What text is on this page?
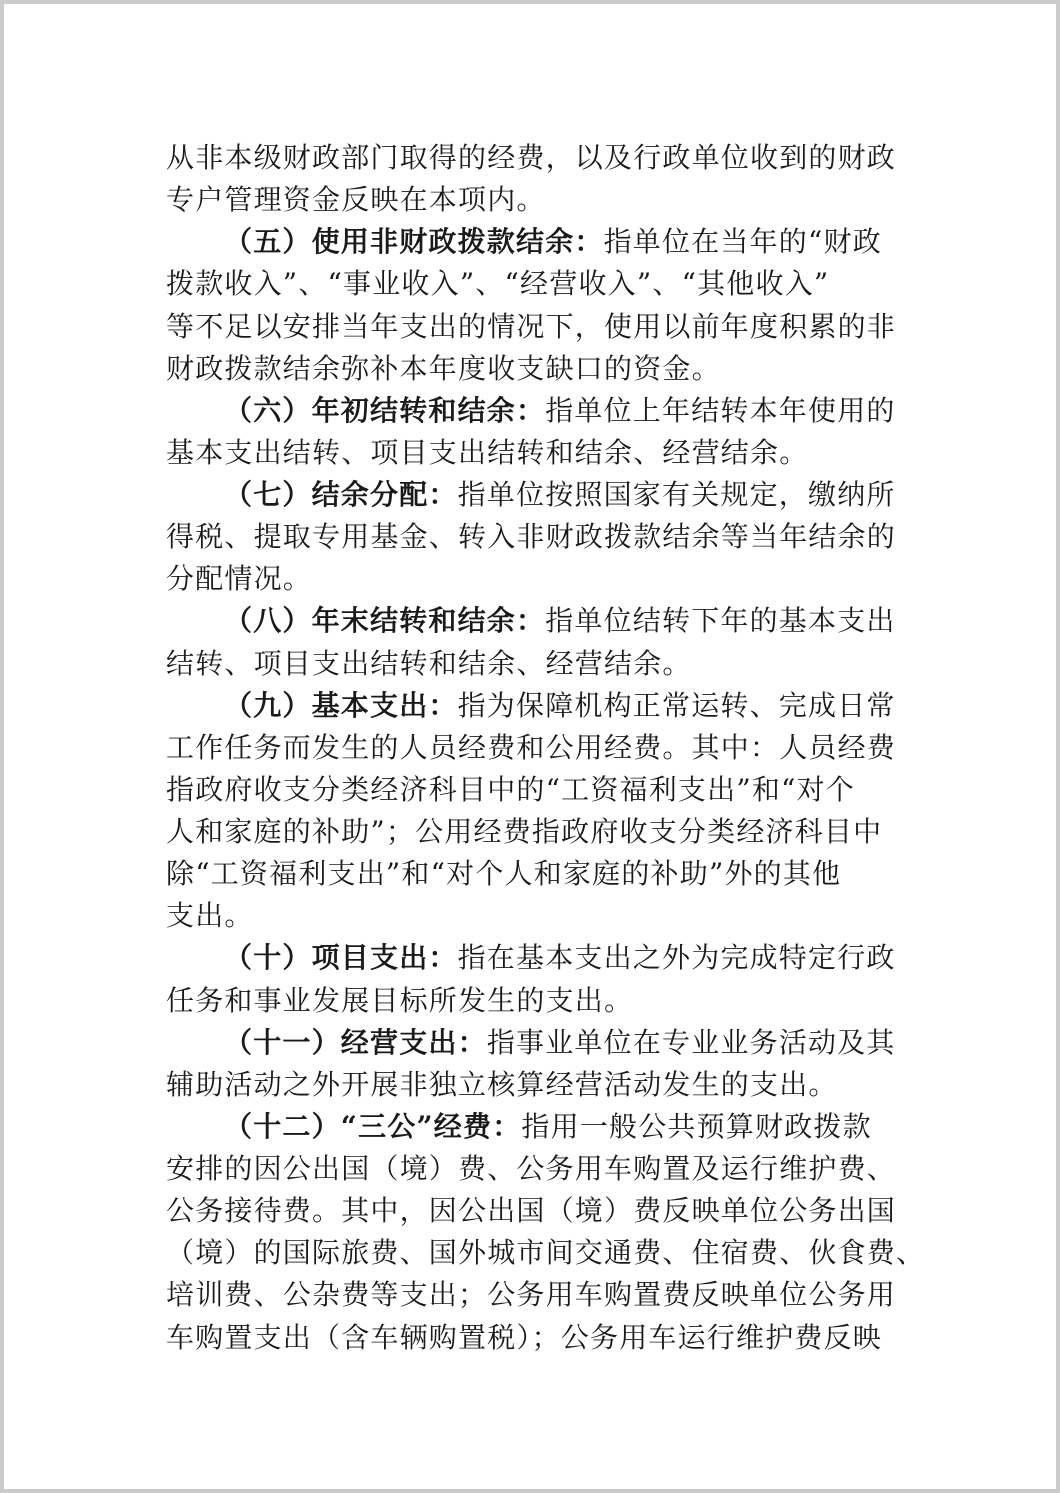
从非本级财政部门取得的经费，以及行政单位收到的财政
专户管理资金反映在本项内。
（五）使用非财政拨款结余：指单位在当年的“财政
拨款收入”、“事业收入”、“经营收入”、“其他收入”
等不足以安排当年支出的情况下，使用以前年度积累的非
财政拨款结余弥补本年度收支缺口的资金。
（六）年初结转和结余：指单位上年结转本年使用的
基本支出结转、项目支出结转和结余、经营结余。
（七）结余分配：指单位按照国家有关规定，缴纳所
得税、提取专用基金、转入非财政拨款结余等当年结余的
分配情况。
（八）年末结转和结余：指单位结转下年的基本支出
结转、项目支出结转和结余、经营结余。
（九）基本支出：指为保障机构正常运转、完成日常
工作任务而发生的人员经费和公用经费。其中：人员经费
指政府收支分类经济科目中的“工资福利支出”和“对个
人和家庭的补助”；公用经费指政府收支分类经济科目中
除“工资福利支出”和“对个人和家庭的补助”外的其他
支出。
（十）项目支出：指在基本支出之外为完成特定行政
任务和事业发展目标所发生的支出。
（十一）经营支出：指事业单位在专业业务活动及其
辅助活动之外开展非独立核算经营活动发生的支出。
（十二）“三公”经费：指用一般公共预算财政拨款
安排的因公出国（境）费、公务用车购置及运行维护费、
公务接待费。其中，因公出国（境）费反映单位公务出国
（境）的国际旅费、国外城市间交通费、住宿费、伙食费、
培训费、公杂费等支出；公务用车购置费反映单位公务用
车购置支出（含车辆购置税）；公务用车运行维护费反映
